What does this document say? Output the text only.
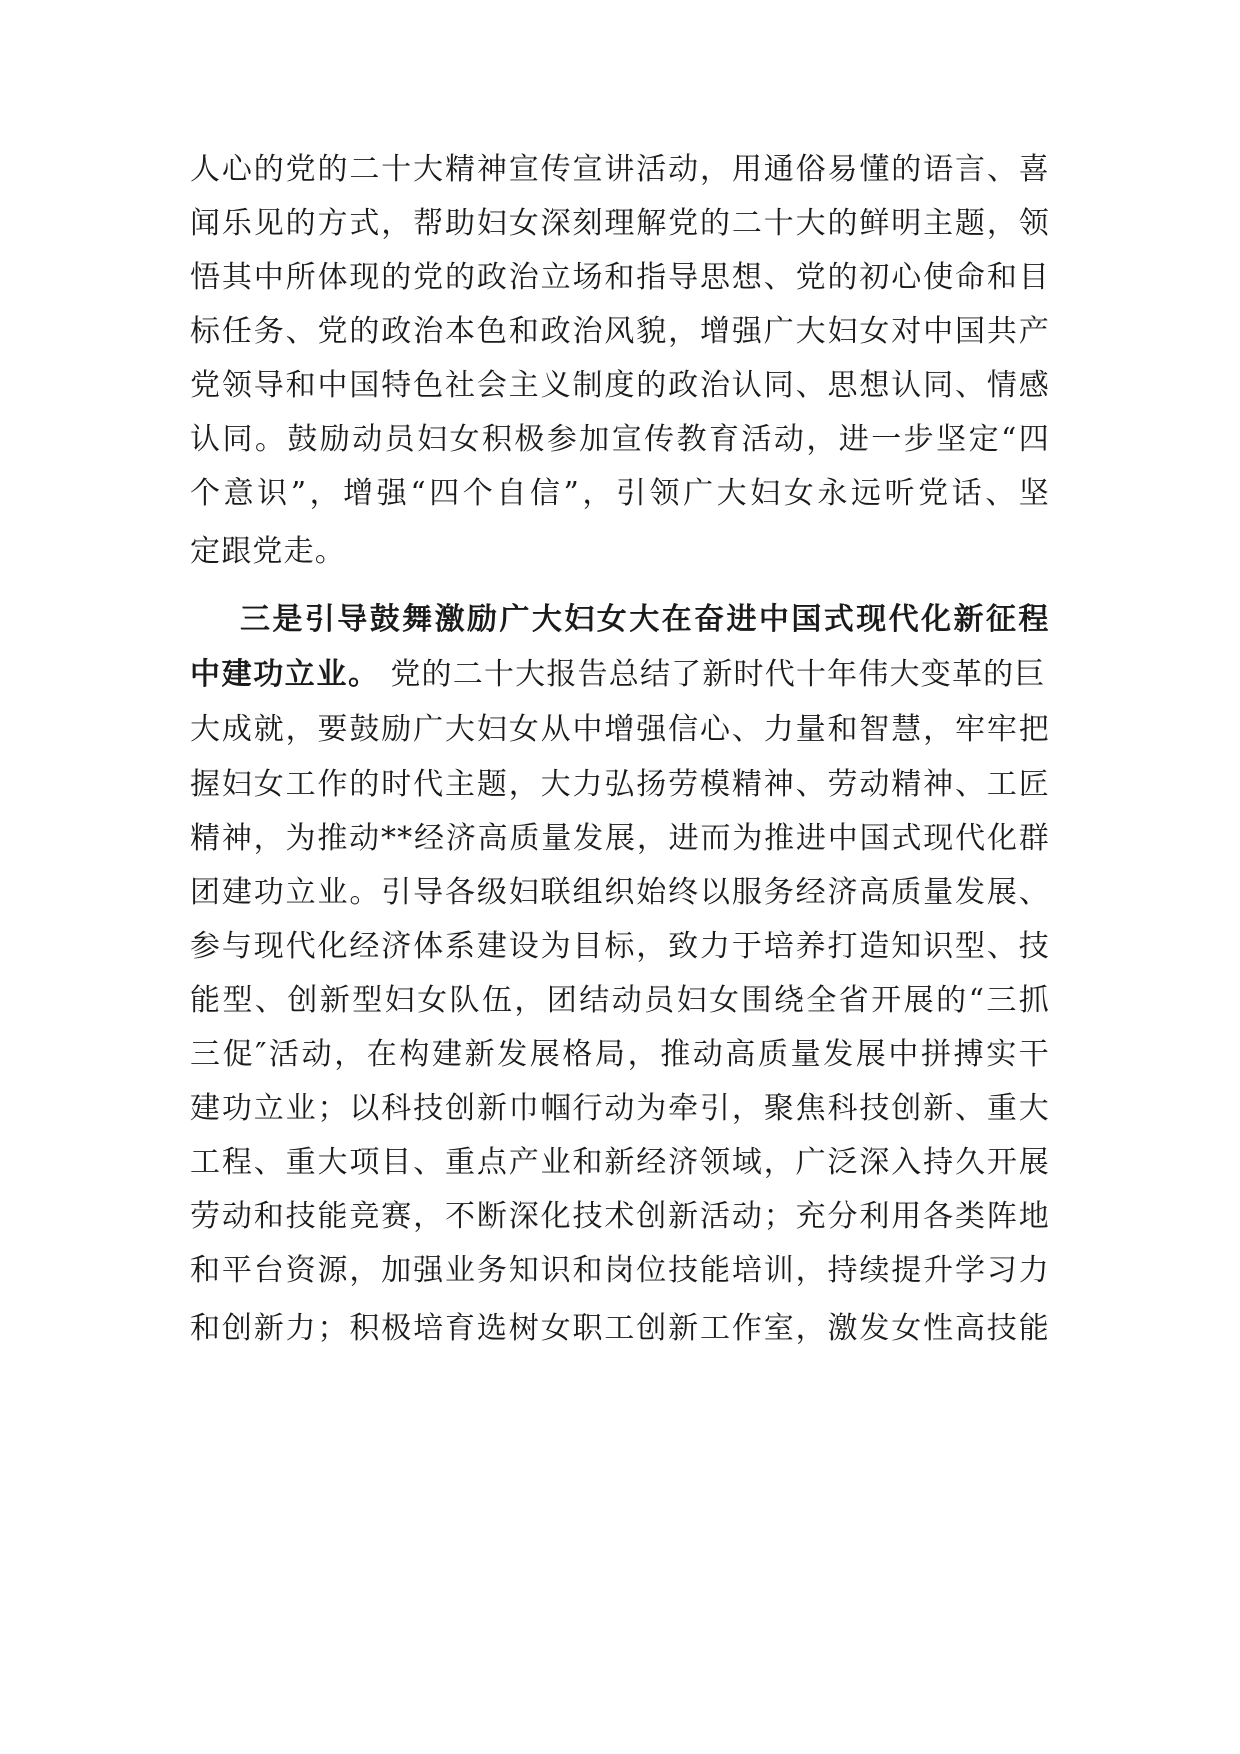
人心的党的二十大精神宣传宣讲活动，用通俗易懂的语言、喜
闻乐见的方式，帮助妇女深刻理解党的二十大的鲜明主题，领
悟其中所体现的党的政治立场和指导思想、党的初心使命和目
标任务、党的政治本色和政治风貌，增强广大妇女对中国共产
党领导和中国特色社会主义制度的政治认同、思想认同、情感
认同。鼓励动员妇女积极参加宣传教育活动，进一步坚定“四
个意识”，增强“四个自信”，引领广大妇女永远听党话、坚
定跟党走。
三是引导鼓舞激励广大妇女大在奋进中国式现代化新征程
中建功立业。 党的二十大报告总结了新时代十年伟大变革的巨
大成就，要鼓励广大妇女从中增强信心、力量和智慧，牢牢把
握妇女工作的时代主题，大力弘扬劳模精神、劳动精神、工匠
精神，为推动**经济高质量发展，进而为推进中国式现代化群
团建功立业。引导各级妇联组织始终以服务经济高质量发展、
参与现代化经济体系建设为目标，致力于培养打造知识型、技
能型、创新型妇女队伍，团结动员妇女围绕全省开展的“三抓
三促″活动，在构建新发展格局，推动高质量发展中拼搏实干
建功立业；以科技创新巾帼行动为牵引，聚焦科技创新、重大
工程、重大项目、重点产业和新经济领域，广泛深入持久开展
劳动和技能竞赛，不断深化技术创新活动；充分利用各类阵地
和平台资源，加强业务知识和岗位技能培训，持续提升学习力
和创新力；积极培育选树女职工创新工作室，激发女性高技能
